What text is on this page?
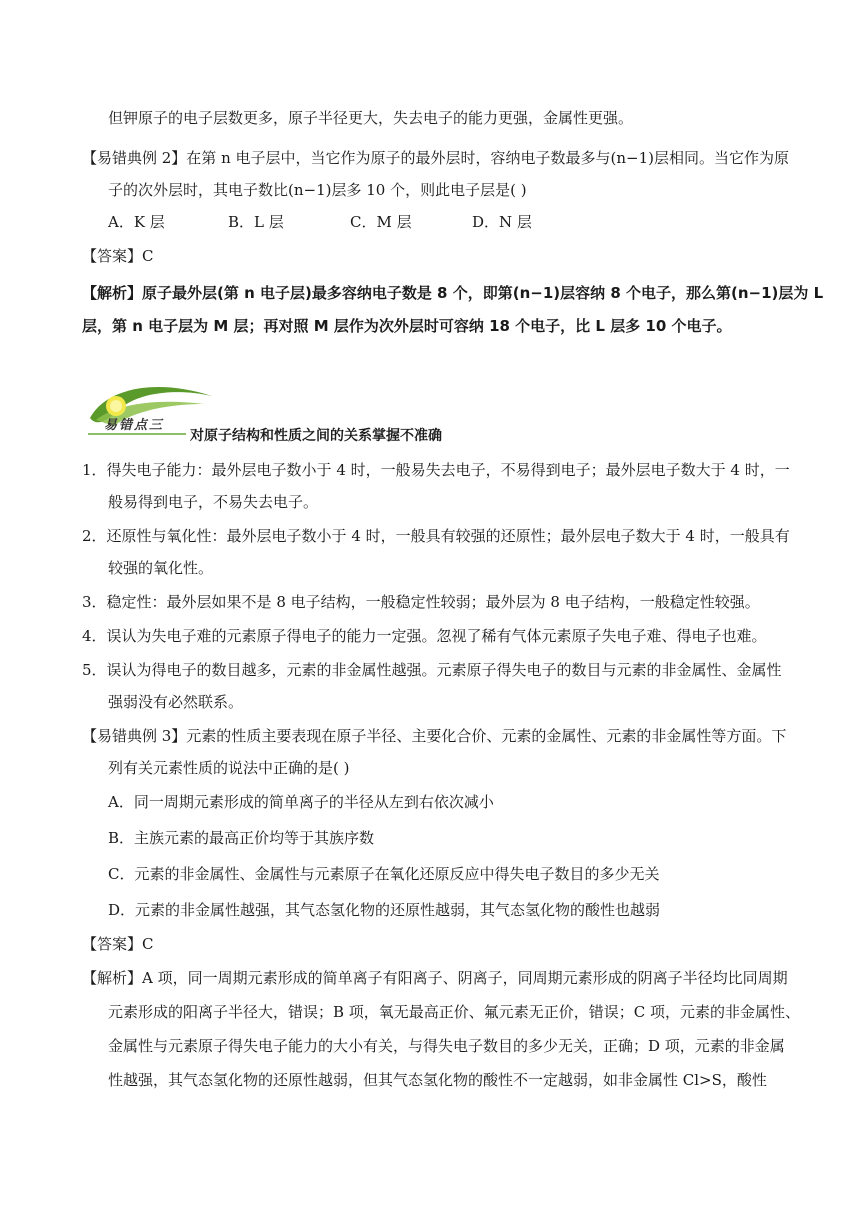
但钾原子的电子层数更多，原子半径更大，失去电子的能力更强，金属性更强。
【易错典例 2】在第 n 电子层中，当它作为原子的最外层时，容纳电子数最多与(n−1)层相同。当它作为原
子的次外层时，其电子数比(n−1)层多 10 个，则此电子层是( )
A．K 层	B．L 层	C．M 层	D．N 层
【答案】C
【解析】原子最外层(第 n 电子层)最多容纳电子数是 8 个，即第(n−1)层容纳 8 个电子，那么第(n−1)层为 L
层，第 n 电子层为 M 层；再对照 M 层作为次外层时可容纳 18 个电子，比 L 层多 10 个电子。
易错点三
对原子结构和性质之间的关系掌握不准确
1．得失电子能力：最外层电子数小于 4 时，一般易失去电子，不易得到电子；最外层电子数大于 4 时，一
般易得到电子，不易失去电子。
2．还原性与氧化性：最外层电子数小于 4 时，一般具有较强的还原性；最外层电子数大于 4 时，一般具有
较强的氧化性。
3．稳定性：最外层如果不是 8 电子结构，一般稳定性较弱；最外层为 8 电子结构，一般稳定性较强。
4．误认为失电子难的元素原子得电子的能力一定强。忽视了稀有气体元素原子失电子难、得电子也难。
5．误认为得电子的数目越多，元素的非金属性越强。元素原子得失电子的数目与元素的非金属性、金属性
强弱没有必然联系。
【易错典例 3】元素的性质主要表现在原子半径、主要化合价、元素的金属性、元素的非金属性等方面。下
列有关元素性质的说法中正确的是( )
A．同一周期元素形成的简单离子的半径从左到右依次减小
B．主族元素的最高正价均等于其族序数
C．元素的非金属性、金属性与元素原子在氧化还原反应中得失电子数目的多少无关
D．元素的非金属性越强，其气态氢化物的还原性越弱，其气态氢化物的酸性也越弱
【答案】C
【解析】A 项，同一周期元素形成的简单离子有阳离子、阴离子，同周期元素形成的阴离子半径均比同周期
元素形成的阳离子半径大，错误；B 项，氧无最高正价、氟元素无正价，错误；C 项，元素的非金属性、
金属性与元素原子得失电子能力的大小有关，与得失电子数目的多少无关，正确；D 项，元素的非金属
性越强，其气态氢化物的还原性越弱，但其气态氢化物的酸性不一定越弱，如非金属性 Cl>S，酸性
